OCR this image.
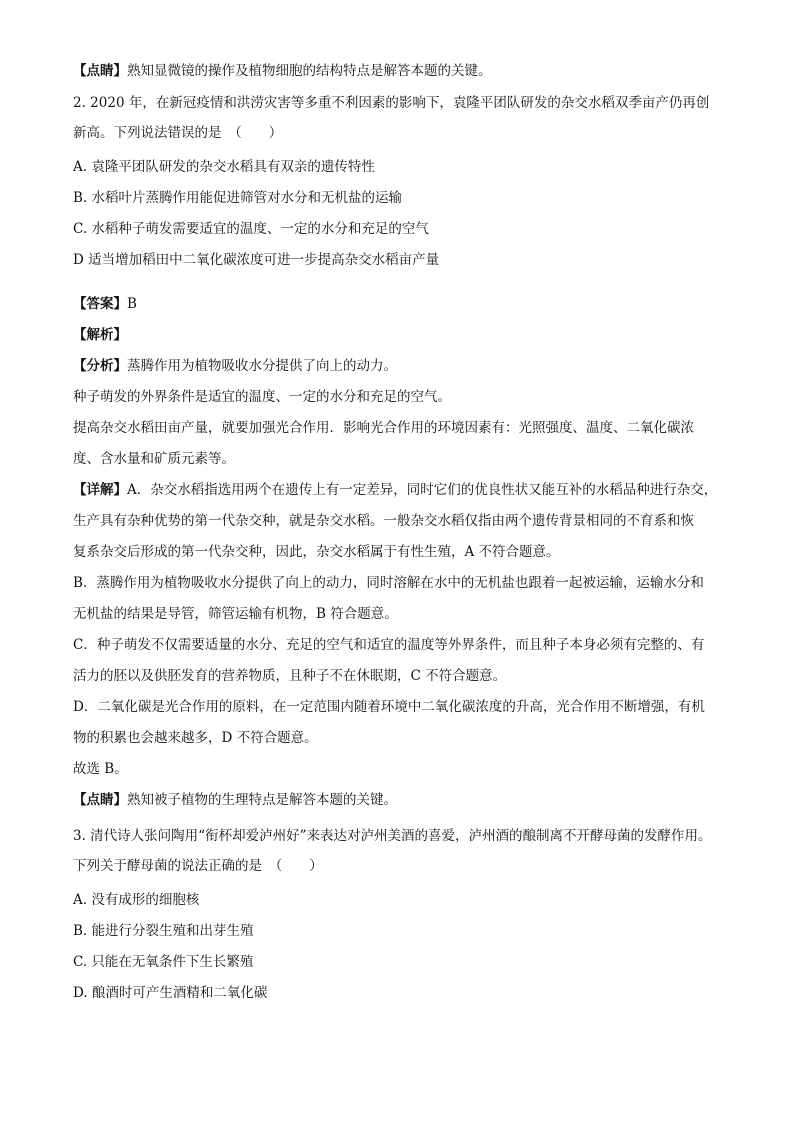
【点睛】熟知显微镜的操作及植物细胞的结构特点是解答本题的关键。
2. 2020 年，在新冠疫情和洪涝灾害等多重不利因素的影响下，袁隆平团队研发的杂交水稻双季亩产仍再创
新高。下列说法错误的是　（　　）
A. 袁隆平团队研发的杂交水稻具有双亲的遗传特性
B. 水稻叶片蒸腾作用能促进筛管对水分和无机盐的运输
C. 水稻种子萌发需要适宜的温度、一定的水分和充足的空气
D 适当增加稻田中二氧化碳浓度可进一步提高杂交水稻亩产量
【答案】B
【解析】
【分析】蒸腾作用为植物吸收水分提供了向上的动力。
种子萌发的外界条件是适宜的温度、一定的水分和充足的空气。
提高杂交水稻田亩产量，就要加强光合作用．影响光合作用的环境因素有：光照强度、温度、二氧化碳浓
度、含水量和矿质元素等。
【详解】A．杂交水稻指选用两个在遗传上有一定差异，同时它们的优良性状又能互补的水稻品种进行杂交，
生产具有杂种优势的第一代杂交种，就是杂交水稻。一般杂交水稻仅指由两个遗传背景相同的不育系和恢
复系杂交后形成的第一代杂交种，因此，杂交水稻属于有性生殖，A 不符合题意。
B．蒸腾作用为植物吸收水分提供了向上的动力，同时溶解在水中的无机盐也跟着一起被运输，运输水分和
无机盐的结果是导管，筛管运输有机物，B 符合题意。
C．种子萌发不仅需要适量的水分、充足的空气和适宜的温度等外界条件，而且种子本身必须有完整的、有
活力的胚以及供胚发育的营养物质，且种子不在休眠期，C 不符合题意。
D．二氧化碳是光合作用的原料，在一定范围内随着环境中二氧化碳浓度的升高，光合作用不断增强，有机
物的积累也会越来越多，D 不符合题意。
故选 B。
【点睛】熟知被子植物的生理特点是解答本题的关键。
3. 清代诗人张问陶用“衔杯却爱泸州好”来表达对泸州美酒的喜爱，泸州酒的酿制离不开酵母菌的发酵作用。
下列关于酵母菌的说法正确的是　（　　）
A. 没有成形的细胞核
B. 能进行分裂生殖和出芽生殖
C. 只能在无氧条件下生长繁殖
D. 酿酒时可产生酒精和二氧化碳
